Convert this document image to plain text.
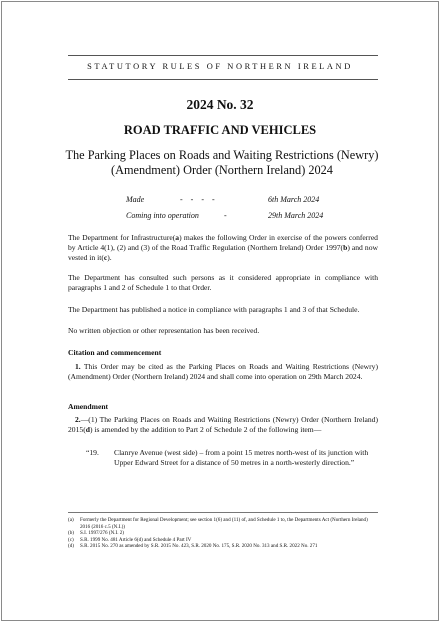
STATUTORY RULES OF NORTHERN IRELAND
2024 No. 32
ROAD TRAFFIC AND VEHICLES
The Parking Places on Roads and Waiting Restrictions (Newry) (Amendment) Order (Northern Ireland) 2024
Made	- - - -	6th March 2024
Coming into operation	-	29th March 2024
The Department for Infrastructure(a) makes the following Order in exercise of the powers conferred by Article 4(1), (2) and (3) of the Road Traffic Regulation (Northern Ireland) Order 1997(b) and now vested in it(c).
The Department has consulted such persons as it considered appropriate in compliance with paragraphs 1 and 2 of Schedule 1 to that Order.
The Department has published a notice in compliance with paragraphs 1 and 3 of that Schedule.
No written objection or other representation has been received.
Citation and commencement
1. This Order may be cited as the Parking Places on Roads and Waiting Restrictions (Newry) (Amendment) Order (Northern Ireland) 2024 and shall come into operation on 29th March 2024.
Amendment
2.—(1) The Parking Places on Roads and Waiting Restrictions (Newry) Order (Northern Ireland) 2015(d) is amended by the addition to Part 2 of Schedule 2 of the following item—
“19. Clanrye Avenue (west side) – from a point 15 metres north-west of its junction with Upper Edward Street for a distance of 50 metres in a north-westerly direction.”
(a) Formerly the Department for Regional Development; see section 1(6) and (11) of, and Schedule 1 to, the Departments Act (Northern Ireland) 2016 (2016 c.5 (N.I.))
(b) S.I. 1997/276 (N.I. 2)
(c) S.R. 1999 No. 481 Article 6(d) and Schedule 4 Part IV
(d) S.R. 2015 No. 270 as amended by S.R. 2015 No. 423, S.R. 2020 No. 175, S.R. 2020 No. 313 and S.R. 2022 No. 271
